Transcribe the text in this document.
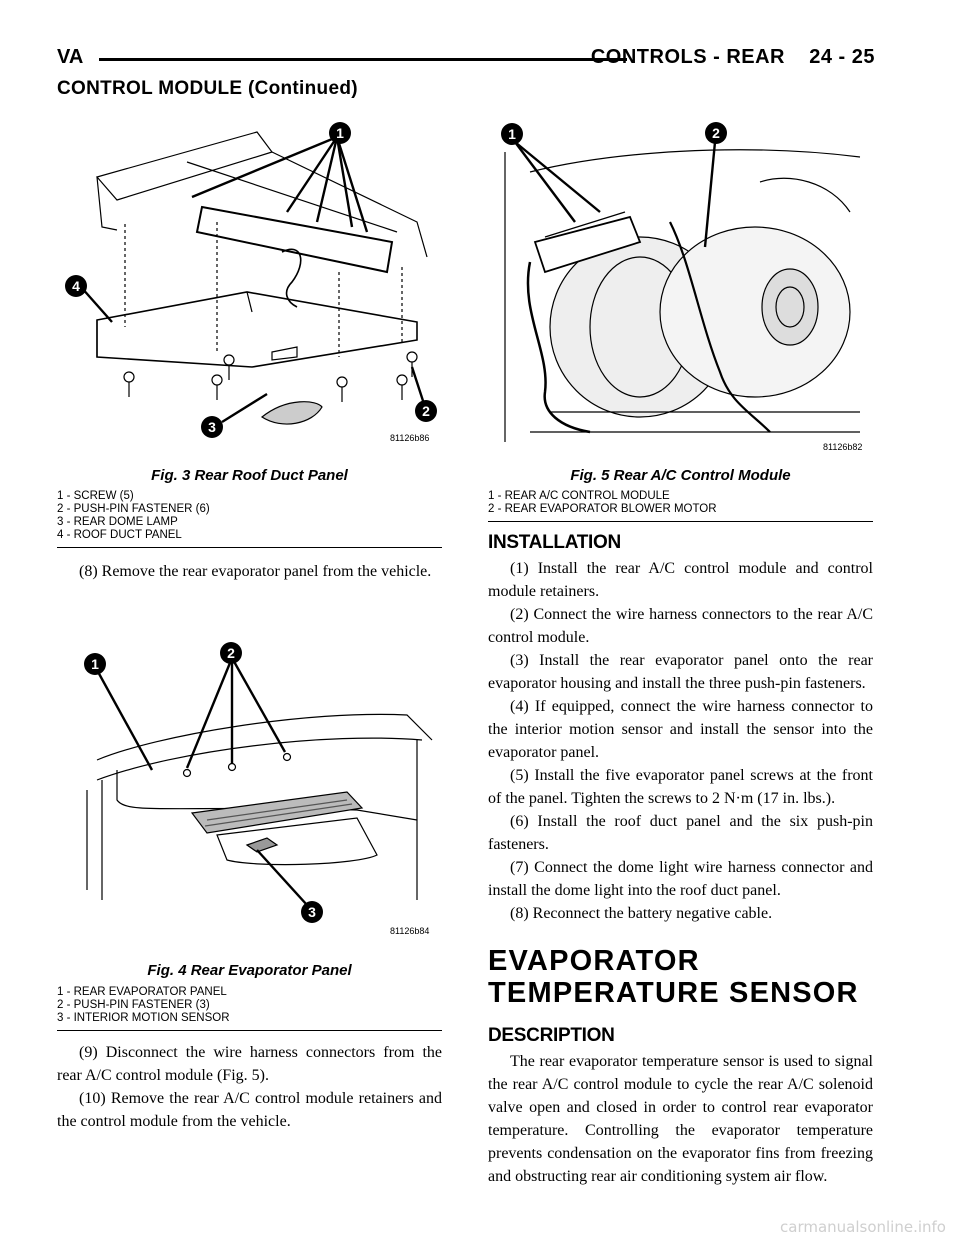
VA	CONTROLS - REAR    24 - 25
CONTROL MODULE (Continued)
1
2
3
4
81126b86
Fig. 3 Rear Roof Duct Panel
1 - SCREW (5)
2 - PUSH-PIN FASTENER (6)
3 - REAR DOME LAMP
4 - ROOF DUCT PANEL

(8) Remove the rear evaporator panel from the vehicle.

1
2
3
81126b84
Fig. 4 Rear Evaporator Panel
1 - REAR EVAPORATOR PANEL
2 - PUSH-PIN FASTENER (3)
3 - INTERIOR MOTION SENSOR

(9) Disconnect the wire harness connectors from the rear A/C control module (Fig. 5).

(10) Remove the rear A/C control module retainers and the control module from the vehicle.

1	2
81126b82
Fig. 5 Rear A/C Control Module
1 - REAR A/C CONTROL MODULE
2 - REAR EVAPORATOR BLOWER MOTOR
INSTALLATION

(1) Install the rear A/C control module and control module retainers.

(2) Connect the wire harness connectors to the rear A/C control module.

(3) Install the rear evaporator panel onto the rear evaporator housing and install the three push-pin fasteners.

(4) If equipped, connect the wire harness connector to the interior motion sensor and install the sensor into the evaporator panel.

(5) Install the five evaporator panel screws at the front of the panel. Tighten the screws to 2 N·m (17 in. lbs.).

(6) Install the roof duct panel and the six push-pin fasteners.

(7) Connect the dome light wire harness connector and install the dome light into the roof duct panel.

(8) Reconnect the battery negative cable.

EVAPORATOR TEMPERATURE SENSOR
DESCRIPTION

The rear evaporator temperature sensor is used to signal the rear A/C control module to cycle the rear A/C solenoid valve open and closed in order to control rear evaporator temperature. Controlling the evaporator temperature prevents condensation on the evaporator fins from freezing and obstructing rear air conditioning system air flow.

carmanualsonline.info
